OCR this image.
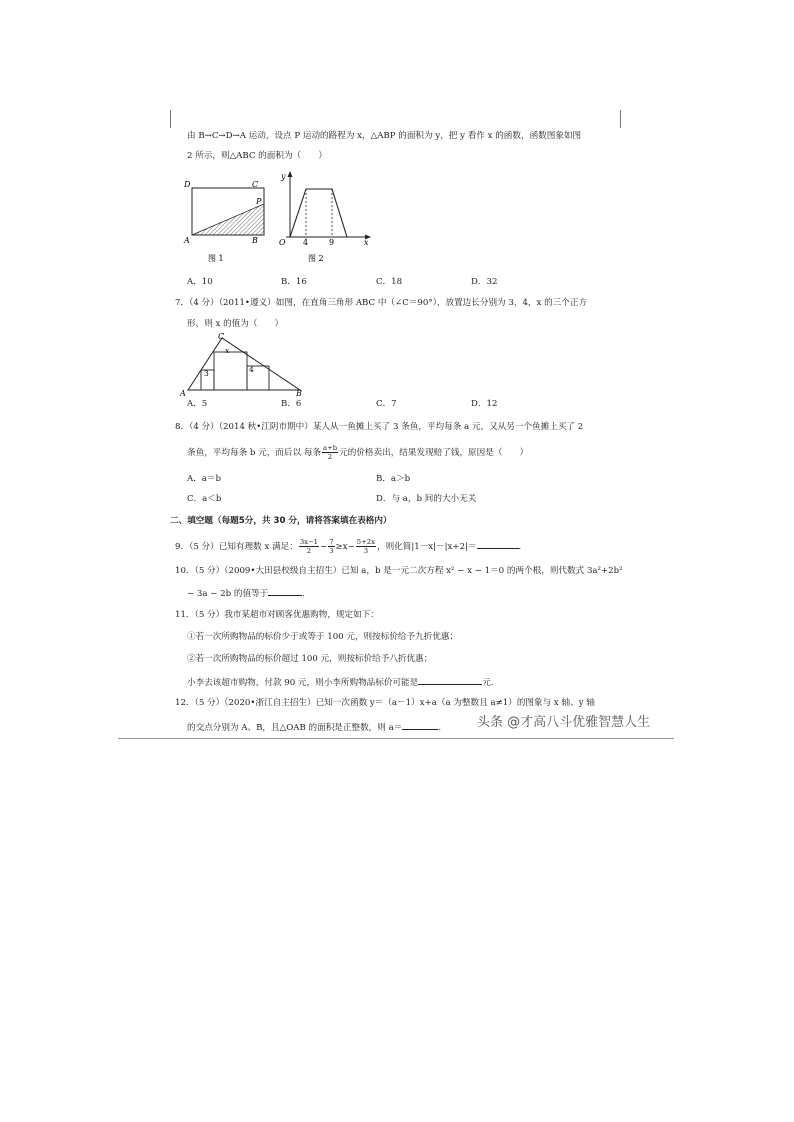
由 B→C→D→A 运动，设点 P 运动的路程为 x，△ABP 的面积为 y，把 y 看作 x 的函数，函数图象如图
2 所示，则△ABC 的面积为（　　）
D	C
P
A	B
图 1
y
O 4	9	x
图 2
A．10	B．16	C．18	D．32
7．（4 分）（2011•遵义）如图，在直角三角形 ABC 中（∠C＝90°），放置边长分别为 3，4，x 的三个正方
形，则 x 的值为（　　）
C
x
3	4
A	B
A．5	B．6	C．7	D．12
8．（4 分）（2014 秋•江阴市期中）某人从一鱼摊上买了 3 条鱼，平均每条 a 元，又从另一个鱼摊上买了 2
条鱼，平均每条 b 元，而后以 每条 $\frac{a+b}{2}$ 元的价格卖出，结果发现赔了钱，原因是（　　）
A．a＝b	B．a＞b
C．a＜b	D．与 a，b 间的大小无关
二、填空题（每题5分，共 30 分，请将答案填在表格内）
9．（5 分）已知有理数 x 满足： $\frac{3x-1}{2} - \frac{7}{3} \ge x- \frac{5+2x}{3}$ ，则化简|1－x|－|x+2|＝	．
10．（5 分）（2009•大田县校级自主招生）已知 a，b 是一元二次方程 x² − x − 1＝0 的两个根，则代数式 3a²+2b²
− 3a − 2b 的值等于	．
11．（5 分）我市某超市对顾客优惠购物，规定如下：
①若一次所购物品的标价少于或等于 100 元，则按标价给予九折优惠；
②若一次所购物品的标价超过 100 元，则按标价给予八折优惠；
小李去该超市购物，付款 90 元，则小李所购物品标价可能是	元．
12．（5 分）（2020•浙江自主招生）已知一次函数 y＝（a－1）x+a（a 为整数且 a≠1）的图象与 x 轴、y 轴
的交点分别为 A、B，且△OAB 的面积是正整数，则 a＝	． 头条 @才高八斗优雅智慧人生
